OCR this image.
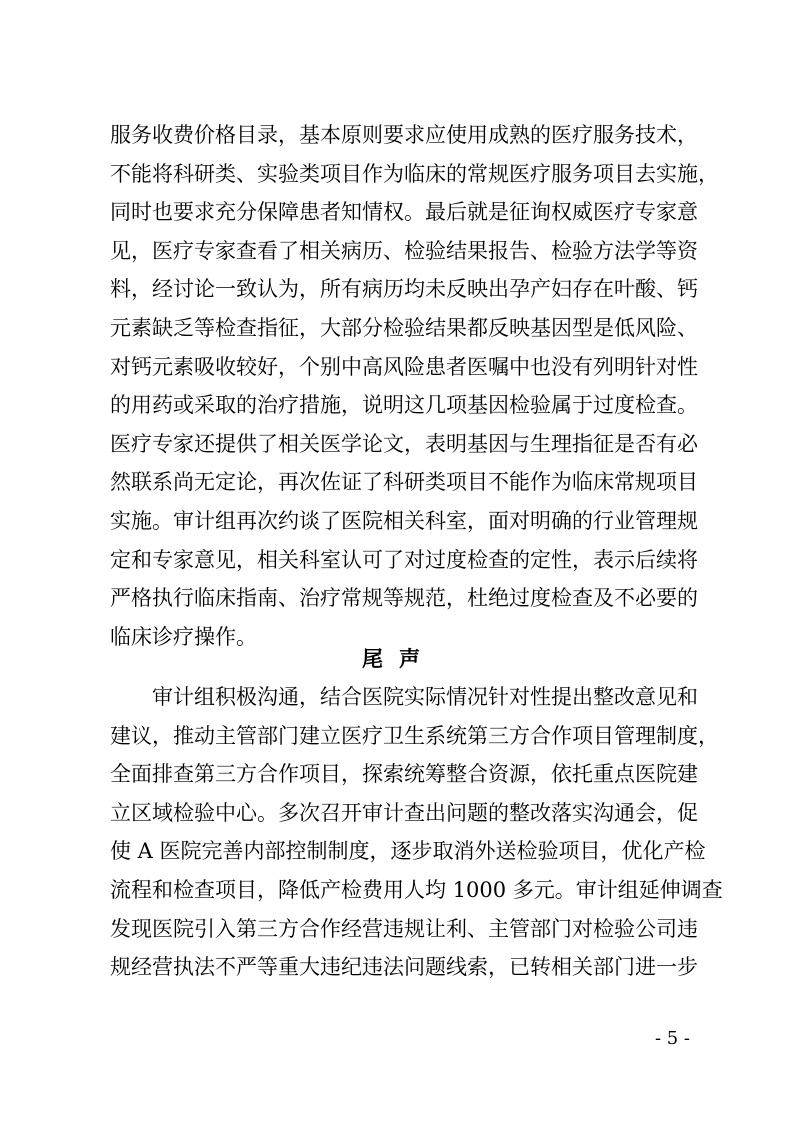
服务收费价格目录，基本原则要求应使用成熟的医疗服务技术，
不能将科研类、实验类项目作为临床的常规医疗服务项目去实施，
同时也要求充分保障患者知情权。最后就是征询权威医疗专家意
见，医疗专家查看了相关病历、检验结果报告、检验方法学等资
料，经讨论一致认为，所有病历均未反映出孕产妇存在叶酸、钙
元素缺乏等检查指征，大部分检验结果都反映基因型是低风险、
对钙元素吸收较好，个别中高风险患者医嘱中也没有列明针对性
的用药或采取的治疗措施，说明这几项基因检验属于过度检查。
医疗专家还提供了相关医学论文，表明基因与生理指征是否有必
然联系尚无定论，再次佐证了科研类项目不能作为临床常规项目
实施。审计组再次约谈了医院相关科室，面对明确的行业管理规
定和专家意见，相关科室认可了对过度检查的定性，表示后续将
严格执行临床指南、治疗常规等规范，杜绝过度检查及不必要的
临床诊疗操作。
尾声
审计组积极沟通，结合医院实际情况针对性提出整改意见和
建议，推动主管部门建立医疗卫生系统第三方合作项目管理制度，
全面排查第三方合作项目，探索统筹整合资源，依托重点医院建
立区域检验中心。多次召开审计查出问题的整改落实沟通会，促
使 A 医院完善内部控制制度，逐步取消外送检验项目，优化产检
流程和检查项目，降低产检费用人均 1000 多元。审计组延伸调查
发现医院引入第三方合作经营违规让利、主管部门对检验公司违
规经营执法不严等重大违纪违法问题线索，已转相关部门进一步
- 5 -
